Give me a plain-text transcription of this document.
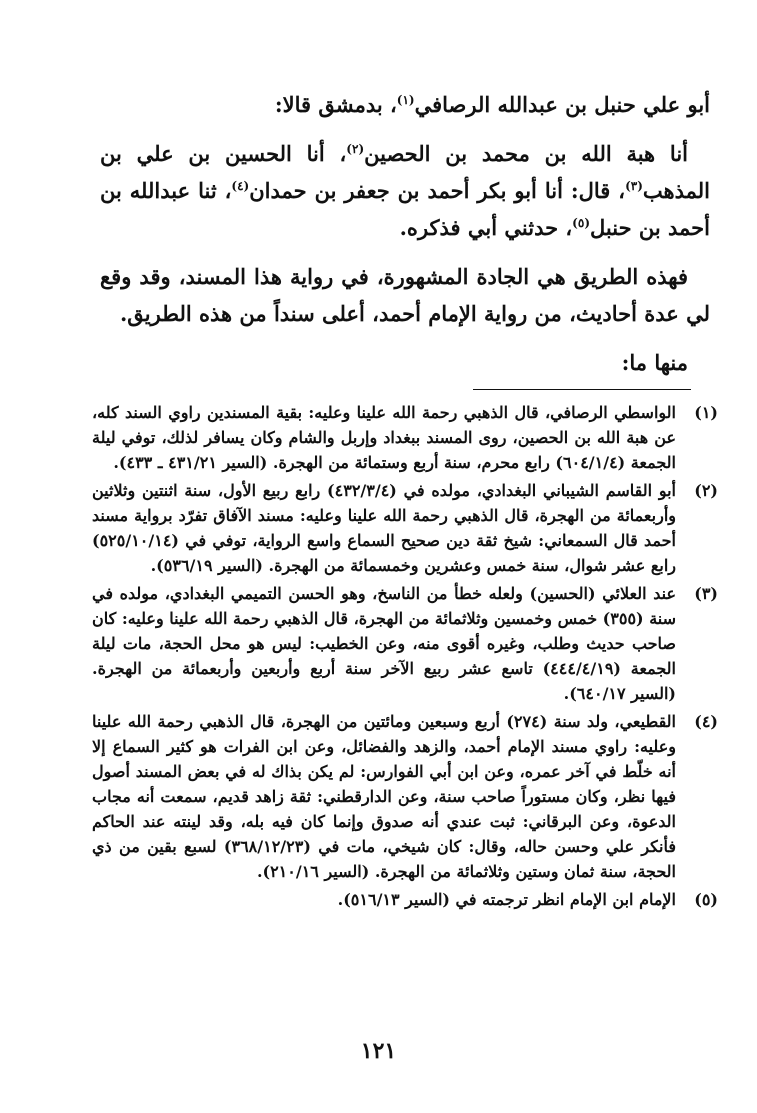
أبو علي حنبل بن عبدالله الرصافي$^{(١)}$، بدمشق قالا:

أنا هبة الله بن محمد بن الحصين$^{(٢)}$، أنا الحسين بن علي بن المذهب$^{(٣)}$، قال: أنا أبو بكر أحمد بن جعفر بن حمدان$^{(٤)}$، ثنا عبدالله بن أحمد بن حنبل$^{(٥)}$، حدثني أبي فذكره.

فهذه الطريق هي الجادة المشهورة، في رواية هذا المسند، وقد وقع لي عدة أحاديث، من رواية الإمام أحمد، أعلى سنداً من هذه الطريق.

منها ما:

(١)
الواسطي الرصافي، قال الذهبي رحمة الله علينا وعليه: بقية المسندين راوي السند كله، عن هبة الله بن الحصين، روى المسند ببغداد وإربل والشام وكان يسافر لذلك، توفي ليلة الجمعة (٦٠٤/١/٤) رابع محرم، سنة أربع وستمائة من الهجرة. (السير ٤٣١/٢١ ـ ٤٣٣).
(٢)
أبو القاسم الشيباني البغدادي، مولده في (٤٣٢/٣/٤) رابع ربيع الأول، سنة اثنتين وثلاثين وأربعمائة من الهجرة، قال الذهبي رحمة الله علينا وعليه: مسند الآفاق تفرّد برواية مسند أحمد قال السمعاني: شيخ ثقة دين صحيح السماع واسع الرواية، توفي في (٥٢٥/١٠/١٤) رابع عشر شوال، سنة خمس وعشرين وخمسمائة من الهجرة. (السير ٥٣٦/١٩).
(٣)
عند العلائي (الحسين) ولعله خطأ من الناسخ، وهو الحسن التميمي البغدادي، مولده في سنة (٣٥٥) خمس وخمسين وثلاثمائة من الهجرة، قال الذهبي رحمة الله علينا وعليه: كان صاحب حديث وطلب، وغيره أقوى منه، وعن الخطيب: ليس هو محل الحجة، مات ليلة الجمعة (٤٤٤/٤/١٩) تاسع عشر ربيع الآخر سنة أربع وأربعين وأربعمائة من الهجرة. (السير ٦٤٠/١٧).
(٤)
القطيعي، ولد سنة (٢٧٤) أربع وسبعين ومائتين من الهجرة، قال الذهبي رحمة الله علينا وعليه: راوي مسند الإمام أحمد، والزهد والفضائل، وعن ابن الفرات هو كثير السماع إلا أنه خلّط في آخر عمره، وعن ابن أبي الفوارس: لم يكن بذاك له في بعض المسند أصول فيها نظر، وكان مستوراً صاحب سنة، وعن الدارقطني: ثقة زاهد قديم، سمعت أنه مجاب الدعوة، وعن البرقاني: ثبت عندي أنه صدوق وإنما كان فيه بله، وقد لينته عند الحاكم فأنكر علي وحسن حاله، وقال: كان شيخي، مات في (٣٦٨/١٢/٢٣) لسبع بقين من ذي الحجة، سنة ثمان وستين وثلاثمائة من الهجرة. (السير ٢١٠/١٦).
(٥)
الإمام ابن الإمام انظر ترجمته في (السير ٥١٦/١٣).
١٢١
